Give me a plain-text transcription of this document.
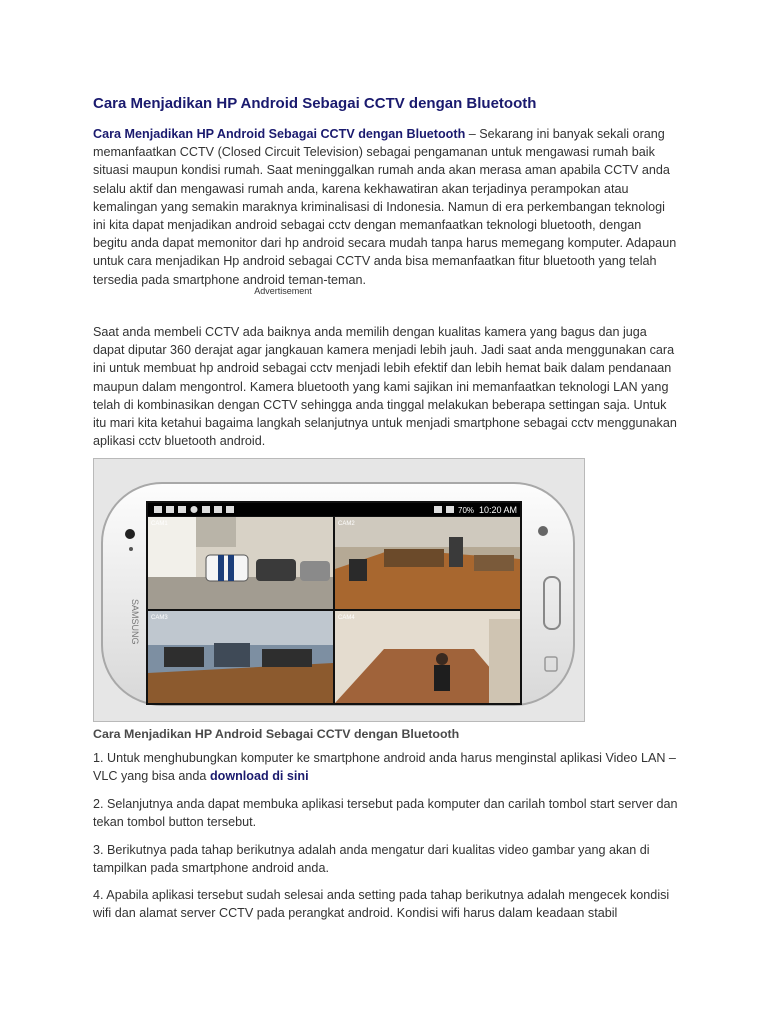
Cara Menjadikan HP Android Sebagai CCTV dengan Bluetooth

Cara Menjadikan HP Android Sebagai CCTV dengan Bluetooth – Sekarang ini banyak sekali orang memanfaatkan CCTV (Closed Circuit Television) sebagai pengamanan untuk mengawasi rumah baik situasi maupun kondisi rumah. Saat meninggalkan rumah anda akan merasa aman apabila CCTV anda selalu aktif dan mengawasi rumah anda, karena kekhawatiran akan terjadinya perampokan atau kemalingan yang semakin maraknya kriminalisasi di Indonesia. Namun di era perkembangan teknologi ini kita dapat menjadikan android sebagai cctv dengan memanfaatkan teknologi bluetooth, dengan begitu anda dapat memonitor dari hp android secara mudah tanpa harus memegang komputer. Adapaun untuk cara menjadikan Hp android sebagai CCTV anda bisa memanfaatkan fitur bluetooth yang telah tersedia pada smartphone android teman-teman.

Advertisement

Saat anda membeli CCTV ada baiknya anda memilih dengan kualitas kamera yang bagus dan juga dapat diputar 360 derajat agar jangkauan kamera menjadi lebih jauh. Jadi saat anda menggunakan cara ini untuk membuat hp android sebagai cctv menjadi lebih efektif dan lebih hemat baik dalam pendanaan maupun dalam mengontrol. Kamera bluetooth yang kami sajikan ini memanfaatkan teknologi LAN yang telah di kombinasikan dengan CCTV sehingga anda tinggal melakukan beberapa settingan saja. Untuk itu mari kita ketahui bagaima langkah selanjutnya untuk menjadi smartphone sebagai cctv menggunakan aplikasi cctv bluetooth android.

SAMSUNG
70% 10:20 AM
CAM1	CAM2
CAM3	CAM4

Cara Menjadikan HP Android Sebagai CCTV dengan Bluetooth

1. Untuk menghubungkan komputer ke smartphone android anda harus menginstal aplikasi Video LAN – VLC yang bisa anda download di sini

2. Selanjutnya anda dapat membuka aplikasi tersebut pada komputer dan carilah tombol start server dan tekan tombol button tersebut.

3. Berikutnya pada tahap berikutnya adalah anda mengatur dari kualitas video gambar yang akan di tampilkan pada smartphone android anda.

4. Apabila aplikasi tersebut sudah selesai anda setting pada tahap berikutnya adalah mengecek kondisi wifi dan alamat server CCTV pada perangkat android. Kondisi wifi harus dalam keadaan stabil
